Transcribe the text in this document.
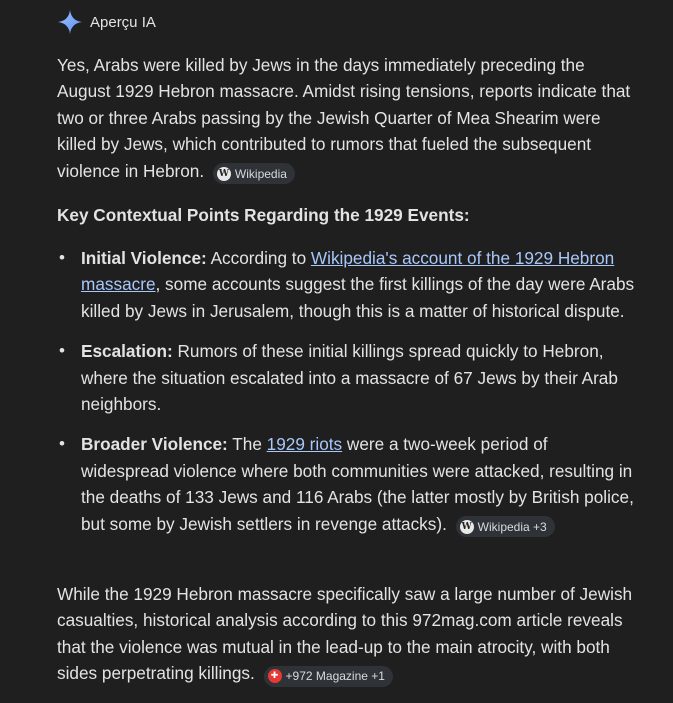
Aperçu IA

Yes, Arabs were killed by Jews in the days immediately preceding the August 1929 Hebron massacre. Amidst rising tensions, reports indicate that two or three Arabs passing by the Jewish Quarter of Mea Shearim were killed by Jews, which contributed to rumors that fueled the subsequent violence in Hebron. W Wikipedia

Key Contextual Points Regarding the 1929 Events:

• Initial Violence: According to Wikipedia's account of the 1929 Hebron massacre, some accounts suggest the first killings of the day were Arabs killed by Jews in Jerusalem, though this is a matter of historical dispute.
• Escalation: Rumors of these initial killings spread quickly to Hebron, where the situation escalated into a massacre of 67 Jews by their Arab neighbors.
• Broader Violence: The 1929 riots were a two-week period of widespread violence where both communities were attacked, resulting in the deaths of 133 Jews and 116 Arabs (the latter mostly by British police, but some by Jewish settlers in revenge attacks). W Wikipedia +3

While the 1929 Hebron massacre specifically saw a large number of Jewish casualties, historical analysis according to this 972mag.com article reveals that the violence was mutual in the lead-up to the main atrocity, with both sides perpetrating killings.	✚ +972 Magazine +1
